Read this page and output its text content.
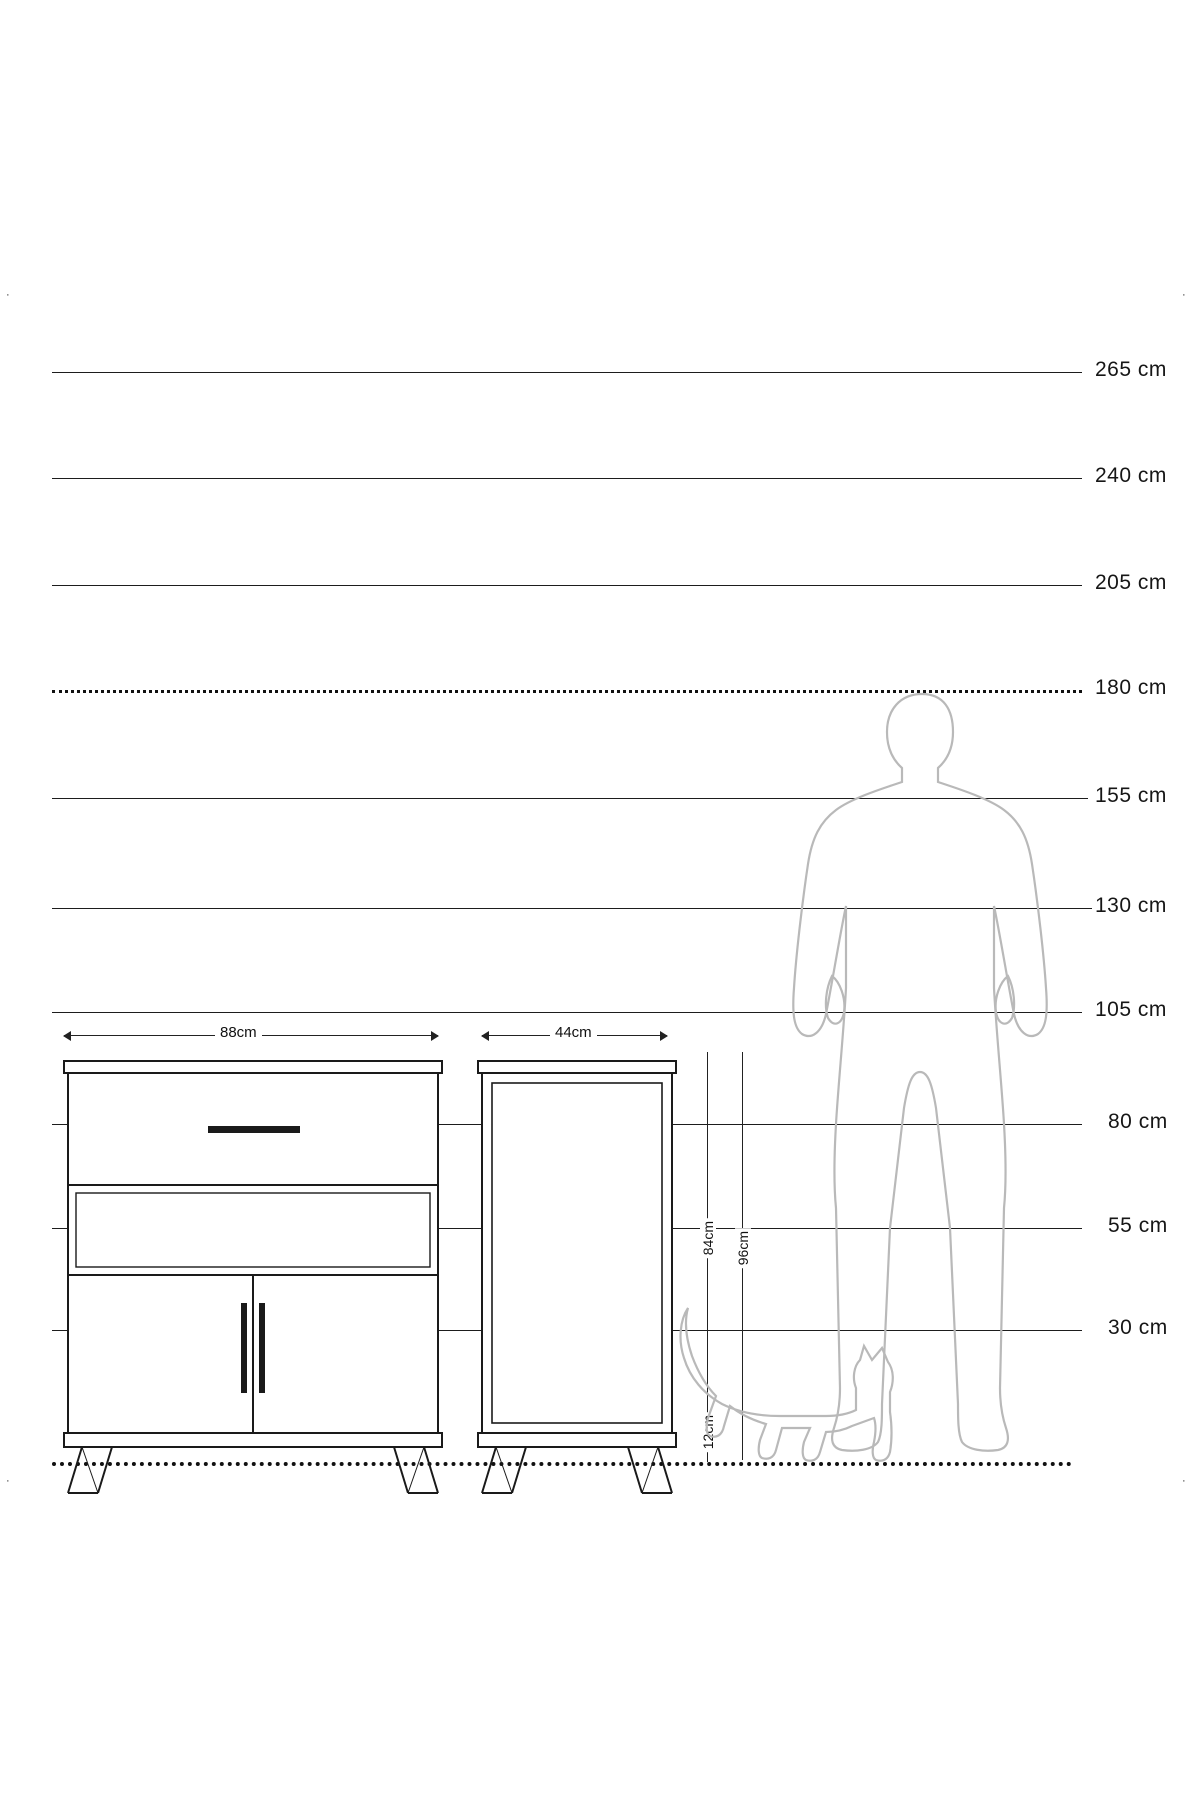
·	·
·	·
265 cm
240 cm
205 cm
180 cm
155 cm
130 cm
105 cm
80 cm
55 cm
30 cm
88cm	44cm
84cm 96cm
12cm
